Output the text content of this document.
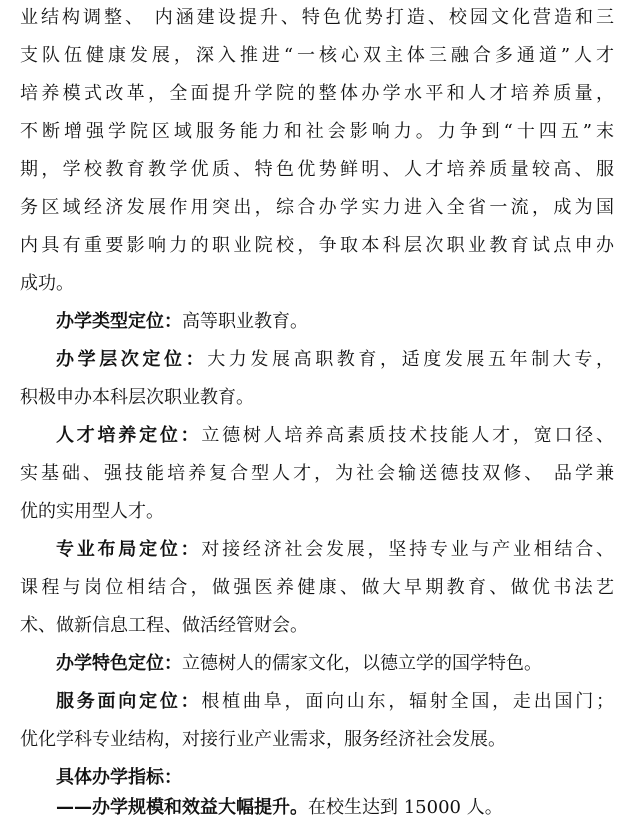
业结构调整、 内涵建设提升、特色优势打造、校园文化营造和三
支队伍健康发展，深入推进“一核心双主体三融合多通道”人才
培养模式改革，全面提升学院的整体办学水平和人才培养质量，
不断增强学院区域服务能力和社会影响力。力争到“十四五”末
期，学校教育教学优质、特色优势鲜明、人才培养质量较高、服
务区域经济发展作用突出，综合办学实力进入全省一流，成为国
内具有重要影响力的职业院校，争取本科层次职业教育试点申办
成功。
办学类型定位：高等职业教育。
办学层次定位：大力发展高职教育，适度发展五年制大专，
积极申办本科层次职业教育。
人才培养定位：立德树人培养高素质技术技能人才，宽口径、
实基础、强技能培养复合型人才，为社会输送德技双修、 品学兼
优的实用型人才。
专业布局定位：对接经济社会发展，坚持专业与产业相结合、
课程与岗位相结合，做强医养健康、做大早期教育、做优书法艺
术、做新信息工程、做活经管财会。
办学特色定位：立德树人的儒家文化，以德立学的国学特色。
服务面向定位：根植曲阜，面向山东，辐射全国，走出国门；
优化学科专业结构，对接行业产业需求，服务经济社会发展。
具体办学指标：
——办学规模和效益大幅提升。在校生达到 15000 人。
